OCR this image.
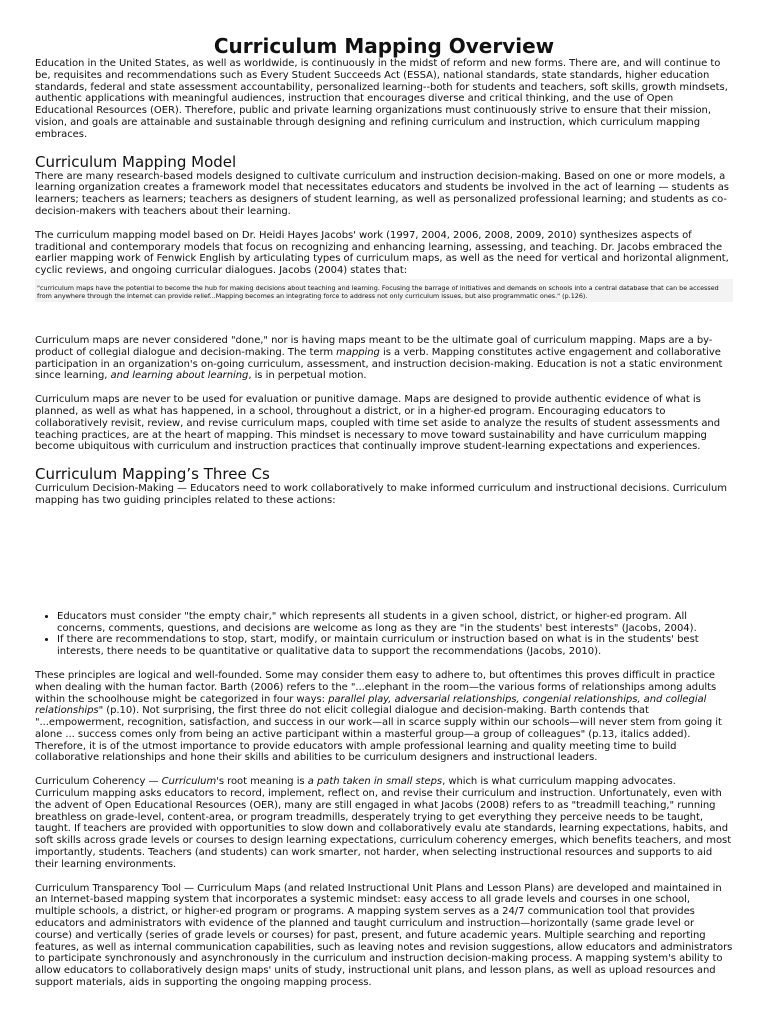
Curriculum Mapping Overview

Education in the United States, as well as worldwide, is continuously in the midst of reform and new forms. There are, and will continue to be, requisites and recommendations such as Every Student Succeeds Act (ESSA), national standards, state standards, higher education standards, federal and state assessment accountability, personalized learning--both for students and teachers, soft skills, growth mindsets, authentic applications with meaningful audiences, instruction that encourages diverse and critical thinking, and the use of Open Educational Resources (OER). Therefore, public and private learning organizations must continuously strive to ensure that their mission, vision, and goals are attainable and sustainable through designing and refining curriculum and instruction, which curriculum mapping embraces.

Curriculum Mapping Model

There are many research-based models designed to cultivate curriculum and instruction decision-making. Based on one or more models, a learning organization creates a framework model that necessitates educators and students be involved in the act of learning — students as learners; teachers as learners; teachers as designers of student learning, as well as personalized professional learning; and students as co-decision-makers with teachers about their learning.

The curriculum mapping model based on Dr. Heidi Hayes Jacobs' work (1997, 2004, 2006, 2008, 2009, 2010) synthesizes aspects of traditional and contemporary models that focus on recognizing and enhancing learning, assessing, and teaching. Dr. Jacobs embraced the earlier mapping work of Fenwick English by articulating types of curriculum maps, as well as the need for vertical and horizontal alignment, cyclic reviews, and ongoing curricular dialogues. Jacobs (2004) states that:

"curriculum maps have the potential to become the hub for making decisions about teaching and learning. Focusing the barrage of initiatives and demands on schools into a central database that can be accessed from anywhere through the Internet can provide relief...Mapping becomes an integrating force to address not only curriculum issues, but also programmatic ones." (p.126).

Curriculum maps are never considered "done," nor is having maps meant to be the ultimate goal of curriculum mapping. Maps are a by-product of collegial dialogue and decision-making. The term mapping is a verb. Mapping constitutes active engagement and collaborative participation in an organization's on-going curriculum, assessment, and instruction decision-making. Education is not a static environment since learning, and learning about learning, is in perpetual motion.

Curriculum maps are never to be used for evaluation or punitive damage. Maps are designed to provide authentic evidence of what is planned, as well as what has happened, in a school, throughout a district, or in a higher-ed program. Encouraging educators to collaboratively revisit, review, and revise curriculum maps, coupled with time set aside to analyze the results of student assessments and teaching practices, are at the heart of mapping. This mindset is necessary to move toward sustainability and have curriculum mapping become ubiquitous with curriculum and instruction practices that continually improve student-learning expectations and experiences.

Curriculum Mapping’s Three Cs

Curriculum Decision-Making — Educators need to work collaboratively to make informed curriculum and instructional decisions. Curriculum mapping has two guiding principles related to these actions:

• Educators must consider "the empty chair," which represents all students in a given school, district, or higher-ed program. All concerns, comments, questions, and decisions are welcome as long as they are "in the students' best interests" (Jacobs, 2004).
• If there are recommendations to stop, start, modify, or maintain curriculum or instruction based on what is in the students' best interests, there needs to be quantitative or qualitative data to support the recommendations (Jacobs, 2010).

These principles are logical and well-founded. Some may consider them easy to adhere to, but oftentimes this proves difficult in practice when dealing with the human factor. Barth (2006) refers to the "...elephant in the room—the various forms of relationships among adults within the schoolhouse might be categorized in four ways: parallel play, adversarial relationships, congenial relationships, and collegial relationships" (p.10). Not surprising, the first three do not elicit collegial dialogue and decision-making. Barth contends that "...empowerment, recognition, satisfaction, and success in our work—all in scarce supply within our schools—will never stem from going it alone ... success comes only from being an active participant within a masterful group—a group of colleagues" (p.13, italics added). Therefore, it is of the utmost importance to provide educators with ample professional learning and quality meeting time to build collaborative relationships and hone their skills and abilities to be curriculum designers and instructional leaders.

Curriculum Coherency — Curriculum's root meaning is a path taken in small steps, which is what curriculum mapping advocates. Curriculum mapping asks educators to record, implement, reflect on, and revise their curriculum and instruction. Unfortunately, even with the advent of Open Educational Resources (OER), many are still engaged in what Jacobs (2008) refers to as "treadmill teaching," running breathless on grade-level, content-area, or program treadmills, desperately trying to get everything they perceive needs to be taught, taught. If teachers are provided with opportunities to slow down and collaboratively evalu ate standards, learning expectations, habits, and soft skills across grade levels or courses to design learning expectations, curriculum coherency emerges, which benefits teachers, and most importantly, students. Teachers (and students) can work smarter, not harder, when selecting instructional resources and supports to aid their learning environments.

Curriculum Transparency Tool — Curriculum Maps (and related Instructional Unit Plans and Lesson Plans) are developed and maintained in an Internet-based mapping system that incorporates a systemic mindset: easy access to all grade levels and courses in one school, multiple schools, a district, or higher-ed program or programs. A mapping system serves as a 24/7 communication tool that provides educators and administrators with evidence of the planned and taught curriculum and instruction—horizontally (same grade level or course) and vertically (series of grade levels or courses) for past, present, and future academic years. Multiple searching and reporting features, as well as internal communication capabilities, such as leaving notes and revision suggestions, allow educators and administrators to participate synchronously and asynchronously in the curriculum and instruction decision-making process. A mapping system's ability to allow educators to collaboratively design maps' units of study, instructional unit plans, and lesson plans, as well as upload resources and support materials, aids in supporting the ongoing mapping process.
